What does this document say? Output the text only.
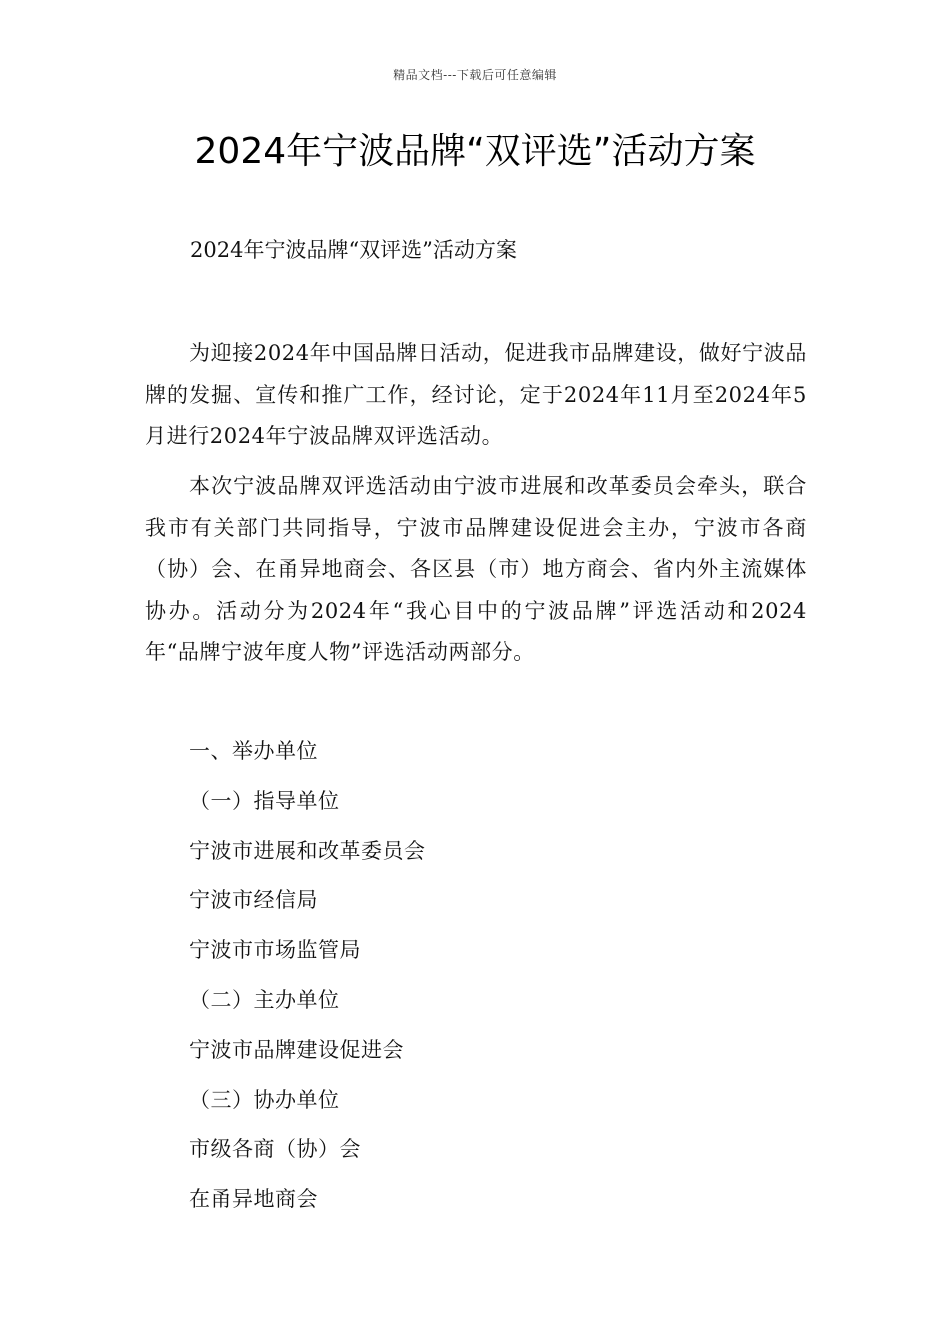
精品文档---下载后可任意编辑
2024年宁波品牌“双评选”活动方案
2024年宁波品牌“双评选”活动方案

为迎接2024年中国品牌日活动，促进我市品牌建设，做好宁波品牌的发掘、宣传和推广工作，经讨论，定于2024年11月至2024年5月进行2024年宁波品牌双评选活动。

本次宁波品牌双评选活动由宁波市进展和改革委员会牵头，联合我市有关部门共同指导，宁波市品牌建设促进会主办，宁波市各商（协）会、在甬异地商会、各区县（市）地方商会、省内外主流媒体协办。活动分为2024年“我心目中的宁波品牌”评选活动和2024年“品牌宁波年度人物”评选活动两部分。

一、举办单位
（一）指导单位
宁波市进展和改革委员会
宁波市经信局
宁波市市场监管局
（二）主办单位
宁波市品牌建设促进会
（三）协办单位
市级各商（协）会
在甬异地商会
